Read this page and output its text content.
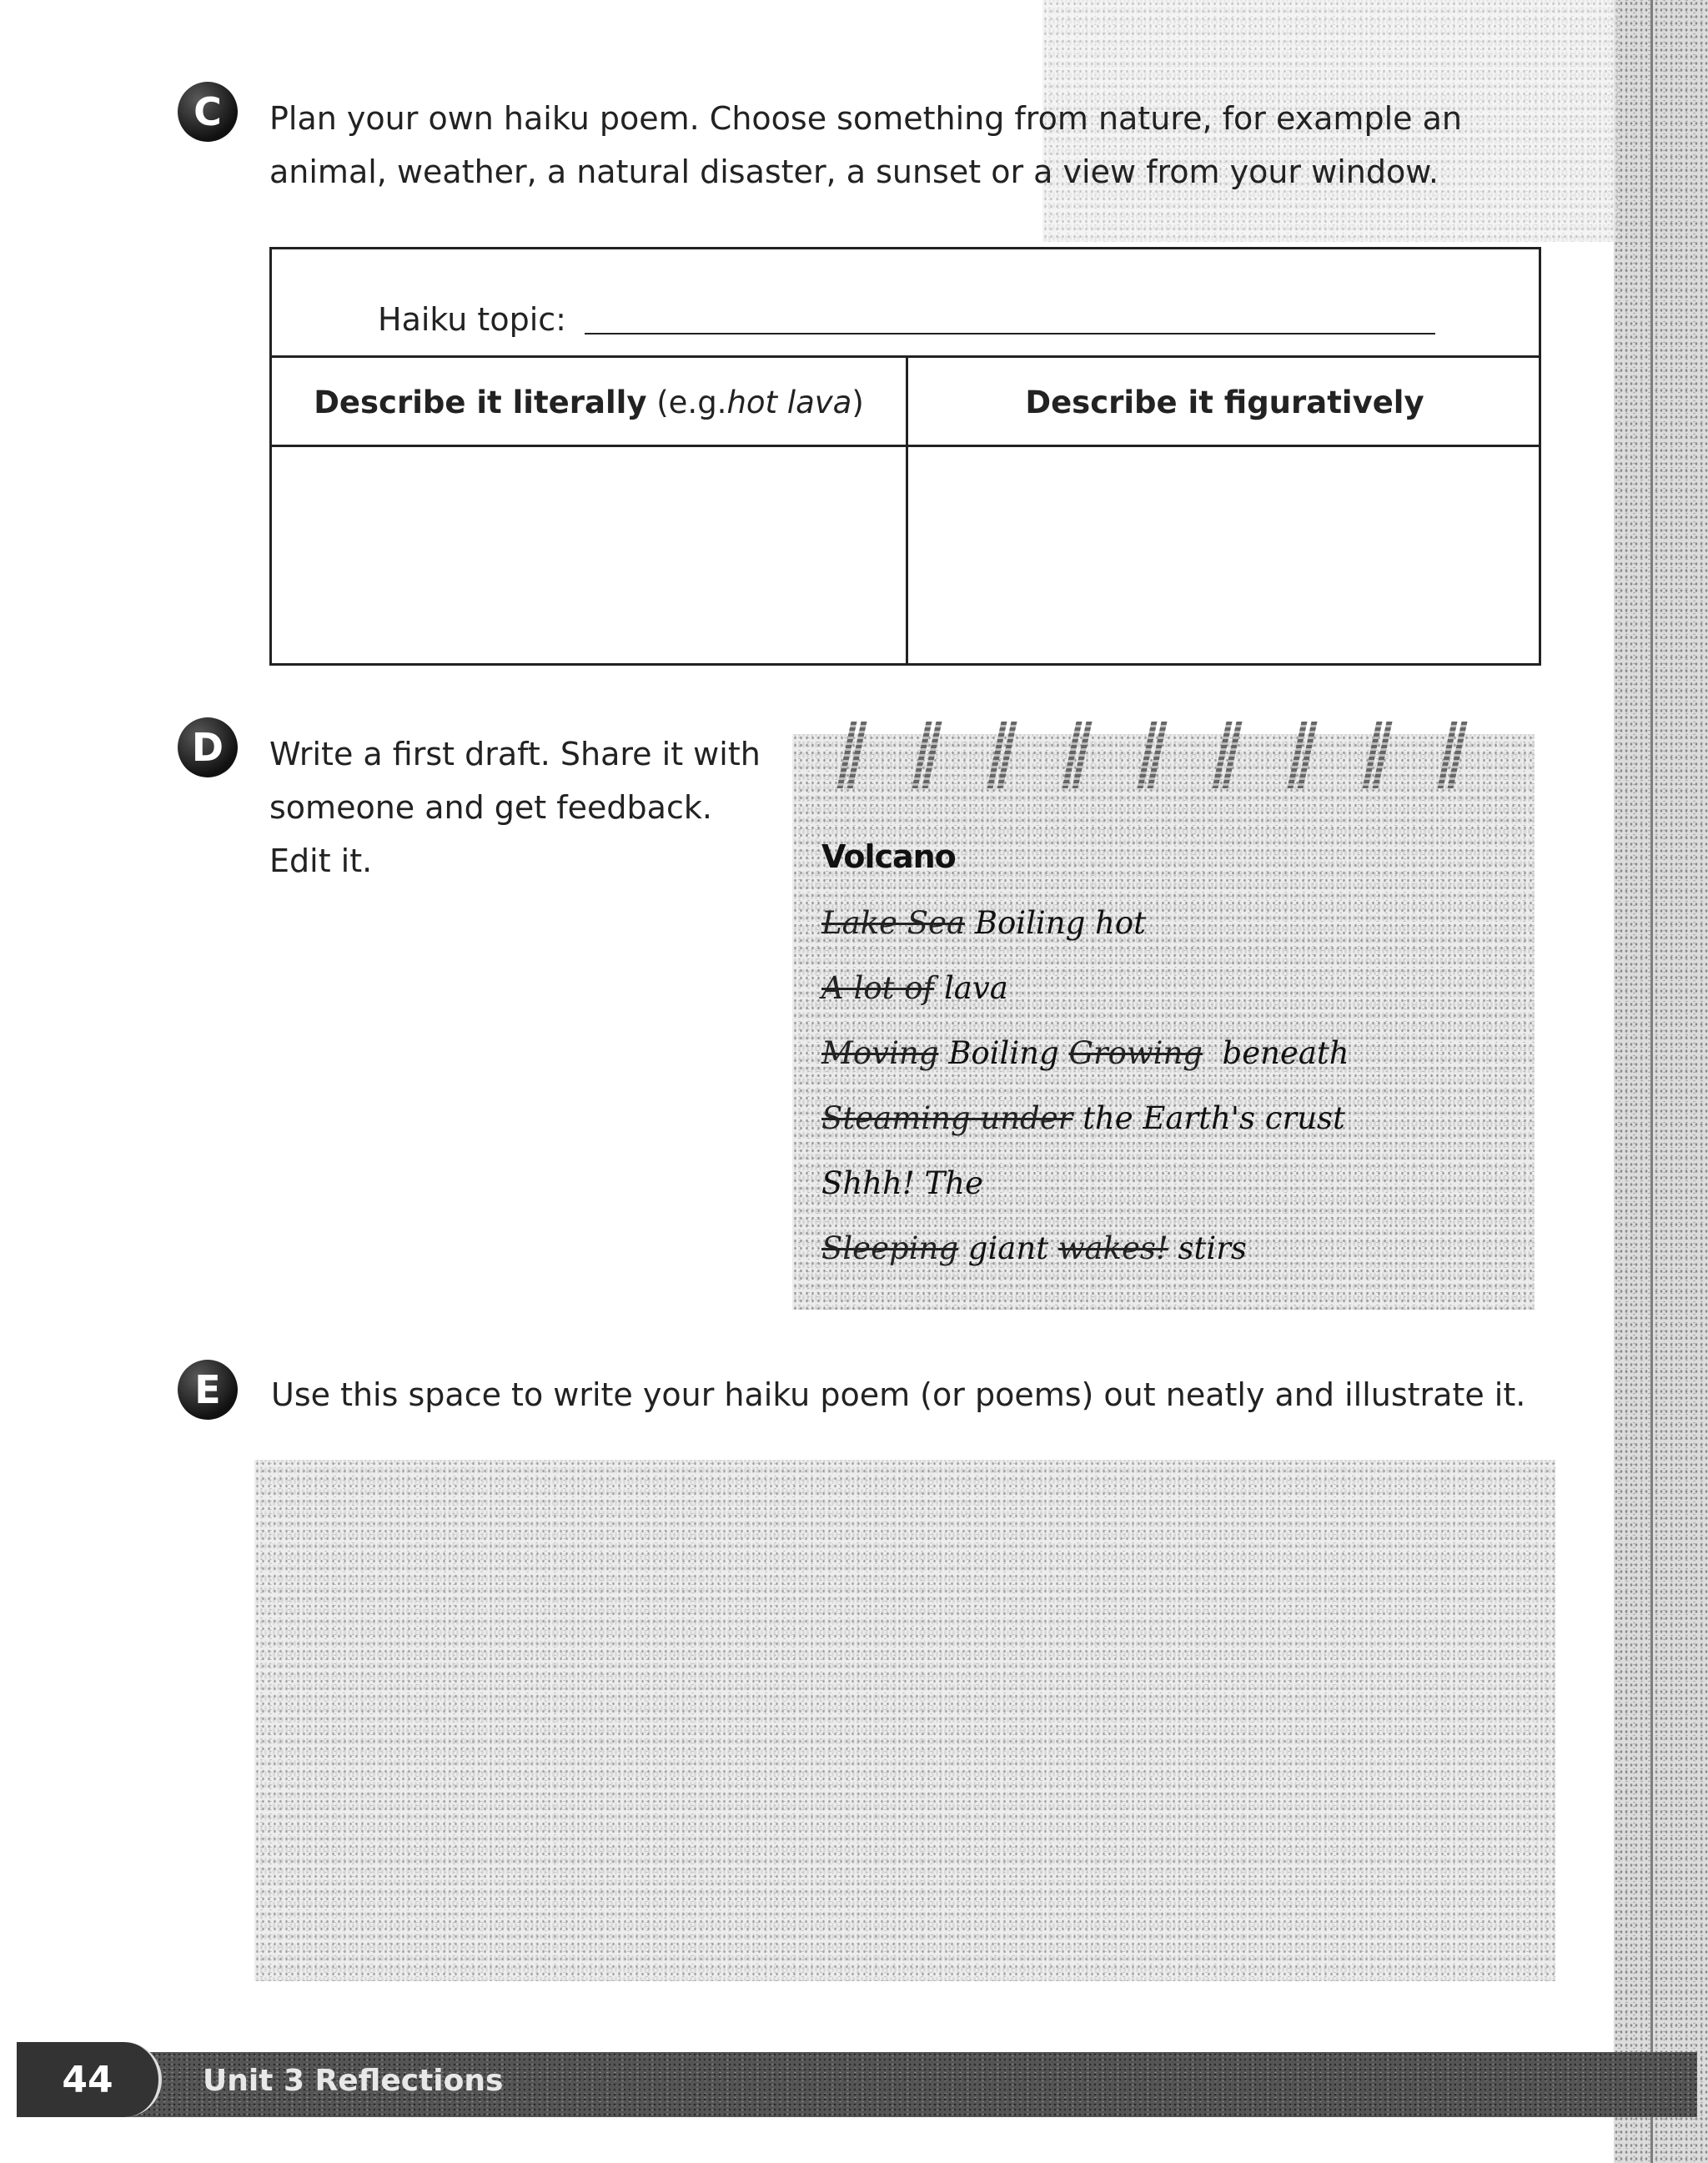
C	Plan your own haiku poem. Choose something from nature, for example an
animal, weather, a natural disaster, a sunset or a view from your window.
Haiku topic:
Describe it literally
(e.g. hot lava )	Describe it figuratively
D	Write a first draft. Share it with
someone and get feedback.
Edit it.	Volcano
Lake Sea Boiling hot
A lot of lava
Moving Boiling Growing beneath
Steaming under the Earth's crust
Shhh! The
Sleeping giant wakes! stirs
E	Use this space to write your haiku poem (or poems) out neatly and illustrate it.
44	Unit 3 Reflections
